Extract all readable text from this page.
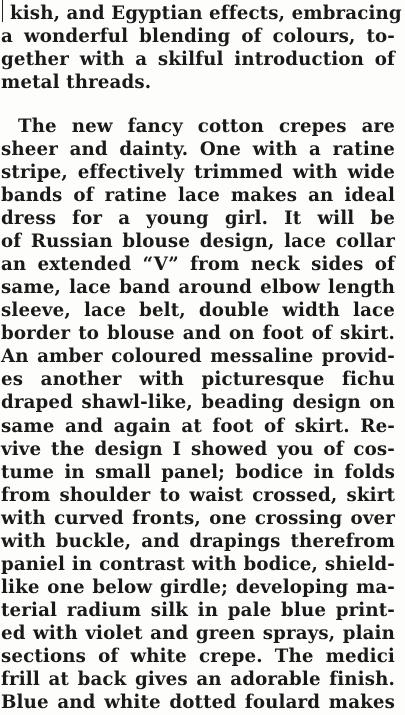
kish, and Egyptian effects, embracing
a wonderful blending of colours, to-
gether with a skilful introduction of
metal threads.
The new fancy cotton crepes are
sheer and dainty. One with a ratine
stripe, effectively trimmed with wide
bands of ratine lace makes an ideal
dress for a young girl. It will be
of Russian blouse design, lace collar
an extended “V” from neck sides of
same, lace band around elbow length
sleeve, lace belt, double width lace
border to blouse and on foot of skirt.
An amber coloured messaline provid-
es another with picturesque fichu
draped shawl-like, beading design on
same and again at foot of skirt. Re-
vive the design I showed you of cos-
tume in small panel; bodice in folds
from shoulder to waist crossed, skirt
with curved fronts, one crossing over
with buckle, and drapings therefrom
paniel in contrast with bodice, shield-
like one below girdle; developing ma-
terial radium silk in pale blue print-
ed with violet and green sprays, plain
sections of white crepe. The medici
frill at back gives an adorable finish.
Blue and white dotted foulard makes
